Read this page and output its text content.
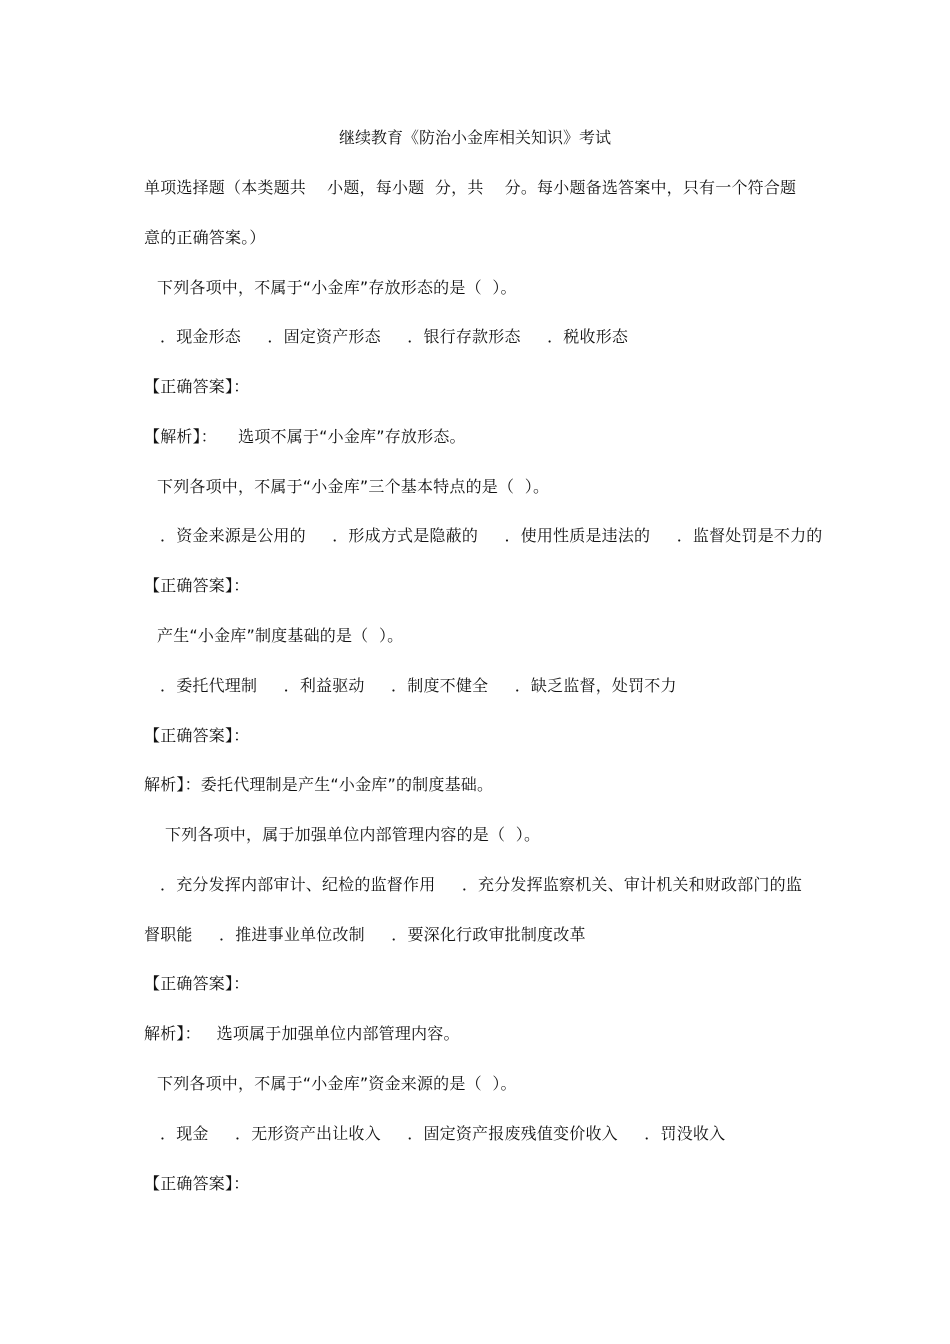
继续教育《防治小金库相关知识》考试
单项选择题（本类题共    小题，每小题  分，共    分。每小题备选答案中，只有一个符合题
意的正确答案。）
下列各项中，不属于“小金库”存放形态的是（  ）。
．现金形态     ．固定资产形态     ．银行存款形态     ．税收形态
【正确答案】：
【解析】：    选项不属于“小金库”存放形态。
下列各项中，不属于“小金库”三个基本特点的是（  ）。
．资金来源是公用的     ．形成方式是隐蔽的     ．使用性质是违法的     ．监督处罚是不力的
【正确答案】：
产生“小金库”制度基础的是（  ）。
．委托代理制     ．利益驱动     ．制度不健全     ．缺乏监督，处罚不力
【正确答案】：
解析】：委托代理制是产生“小金库”的制度基础。
下列各项中，属于加强单位内部管理内容的是（  ）。
．充分发挥内部审计、纪检的监督作用     ．充分发挥监察机关、审计机关和财政部门的监
督职能     ．推进事业单位改制     ．要深化行政审批制度改革
【正确答案】：
解析】：   选项属于加强单位内部管理内容。
下列各项中，不属于“小金库”资金来源的是（  ）。
．现金     ．无形资产出让收入     ．固定资产报废残值变价收入     ．罚没收入
【正确答案】：
